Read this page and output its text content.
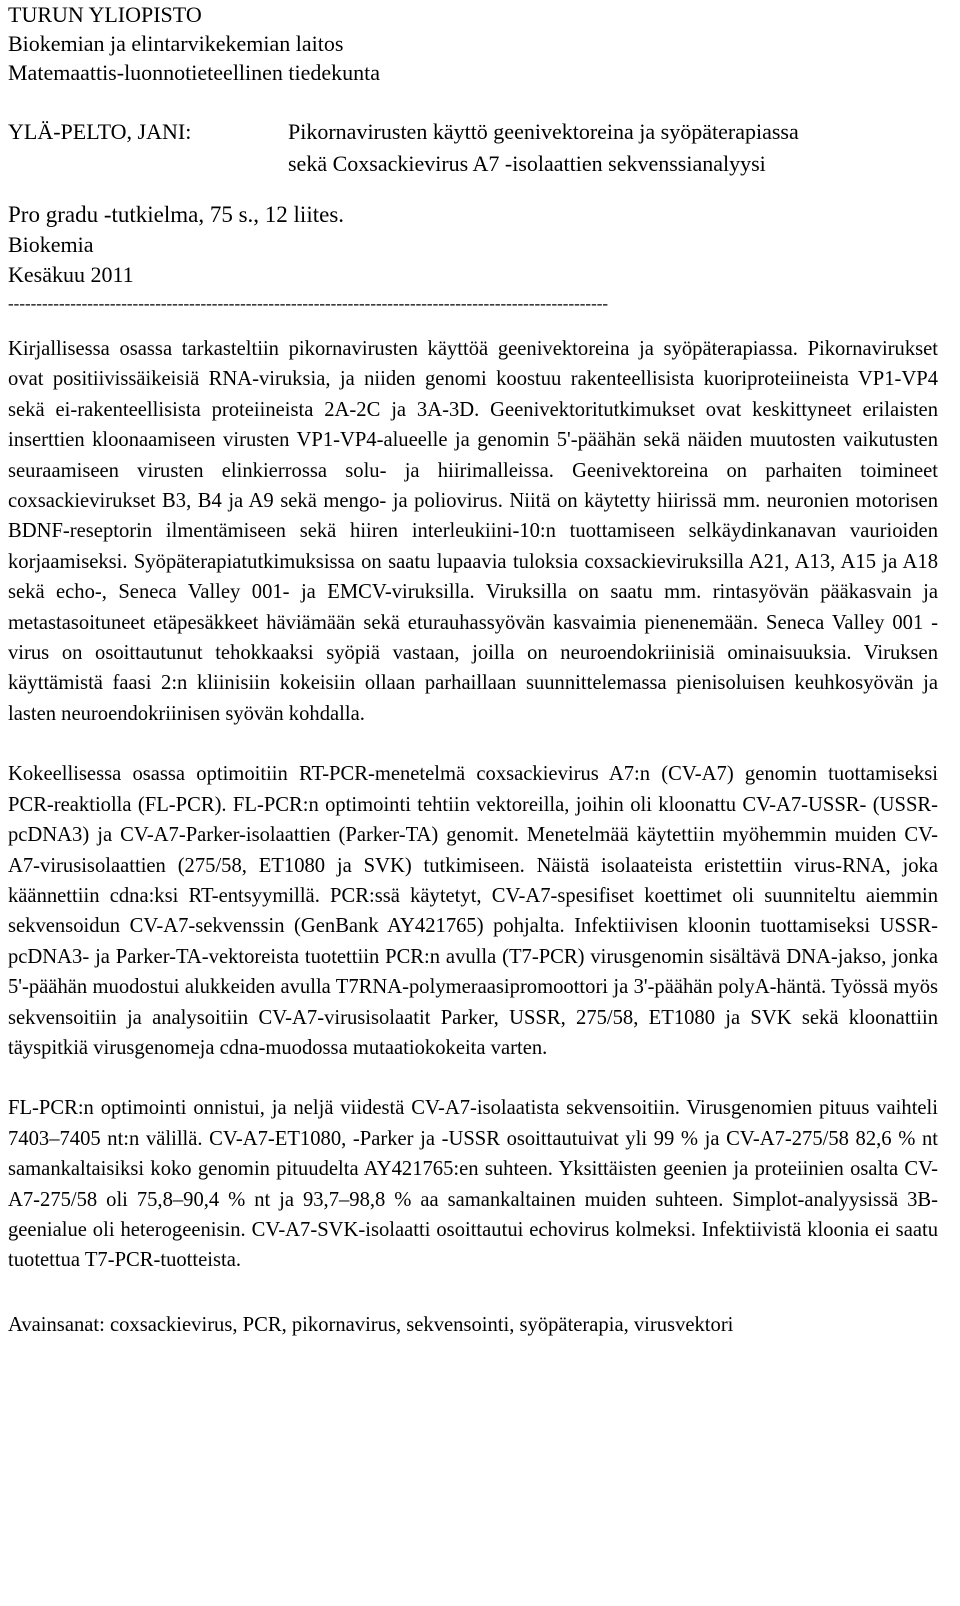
TURUN YLIOPISTO
Biokemian ja elintarvikekemian laitos
Matemaattis-luonnotieteellinen tiedekunta
YLÄ-PELTO, JANI:	Pikornavirusten käyttö geenivektoreina ja syöpäterapiassa
sekä Coxsackievirus A7 -isolaattien sekvenssianalyysi
Pro gradu -tutkielma, 75 s., 12 liites.
Biokemia
Kesäkuu 2011
----------------------------------------------------------------------------------------------------------

Kirjallisessa osassa tarkasteltiin pikornavirusten käyttöä geenivektoreina ja syöpäterapiassa. Pikornavirukset ovat positiivissäikeisiä RNA-viruksia, ja niiden genomi koostuu rakenteellisista kuoriproteiineista VP1-VP4 sekä ei-rakenteellisista proteiineista 2A-2C ja 3A-3D. Geenivektoritutkimukset ovat keskittyneet erilaisten inserttien kloonaamiseen virusten VP1-VP4-alueelle ja genomin 5'-päähän sekä näiden muutosten vaikutusten seuraamiseen virusten elinkierrossa solu- ja hiirimalleissa. Geenivektoreina on parhaiten toimineet coxsackievirukset B3, B4 ja A9 sekä mengo- ja poliovirus. Niitä on käytetty hiirissä mm. neuronien motorisen BDNF-reseptorin ilmentämiseen sekä hiiren interleukiini-10:n tuottamiseen selkäydinkanavan vaurioiden korjaamiseksi. Syöpäterapiatutkimuksissa on saatu lupaavia tuloksia coxsackieviruksilla A21, A13, A15 ja A18 sekä echo-, Seneca Valley 001- ja EMCV-viruksilla. Viruksilla on saatu mm. rintasyövän pääkasvain ja metastasoituneet etäpesäkkeet häviämään sekä eturauhassyövän kasvaimia pienenemään. Seneca Valley 001 -virus on osoittautunut tehokkaaksi syöpiä vastaan, joilla on neuroendokriinisiä ominaisuuksia. Viruksen käyttämistä faasi 2:n kliinisiin kokeisiin ollaan parhaillaan suunnittelemassa pienisoluisen keuhkosyövän ja lasten neuroendokriinisen syövän kohdalla.

Kokeellisessa osassa optimoitiin RT-PCR-menetelmä coxsackievirus A7:n (CV-A7) genomin tuottamiseksi PCR-reaktiolla (FL-PCR). FL-PCR:n optimointi tehtiin vektoreilla, joihin oli kloonattu CV-A7-USSR- (USSR-pcDNA3) ja CV-A7-Parker-isolaattien (Parker-TA) genomit. Menetelmää käytettiin myöhemmin muiden CV-A7-virusisolaattien (275/58, ET1080 ja SVK) tutkimiseen. Näistä isolaateista eristettiin virus-RNA, joka käännettiin cdna:ksi RT-entsyymillä. PCR:ssä käytetyt, CV-A7-spesifiset koettimet oli suunniteltu aiemmin sekvensoidun CV-A7-sekvenssin (GenBank AY421765) pohjalta. Infektiivisen kloonin tuottamiseksi USSR-pcDNA3- ja Parker-TA-vektoreista tuotettiin PCR:n avulla (T7-PCR) virusgenomin sisältävä DNA-jakso, jonka 5'-päähän muodostui alukkeiden avulla T7RNA-polymeraasipromoottori ja 3'-päähän polyA-häntä. Työssä myös sekvensoitiin ja analysoitiin CV-A7-virusisolaatit Parker, USSR, 275/58, ET1080 ja SVK sekä kloonattiin täyspitkiä virusgenomeja cdna-muodossa mutaatiokokeita varten.

FL-PCR:n optimointi onnistui, ja neljä viidestä CV-A7-isolaatista sekvensoitiin. Virusgenomien pituus vaihteli 7403–7405 nt:n välillä. CV-A7-ET1080, -Parker ja -USSR osoittautuivat yli 99 % ja CV-A7-275/58 82,6 % nt samankaltaisiksi koko genomin pituudelta AY421765:en suhteen. Yksittäisten geenien ja proteiinien osalta CV-A7-275/58 oli 75,8–90,4 % nt ja 93,7–98,8 % aa samankaltainen muiden suhteen. Simplot-analyysissä 3B-geenialue oli heterogeenisin. CV-A7-SVK-isolaatti osoittautui echovirus kolmeksi. Infektiivistä kloonia ei saatu tuotettua T7-PCR-tuotteista.

Avainsanat: coxsackievirus, PCR, pikornavirus, sekvensointi, syöpäterapia, virusvektori
